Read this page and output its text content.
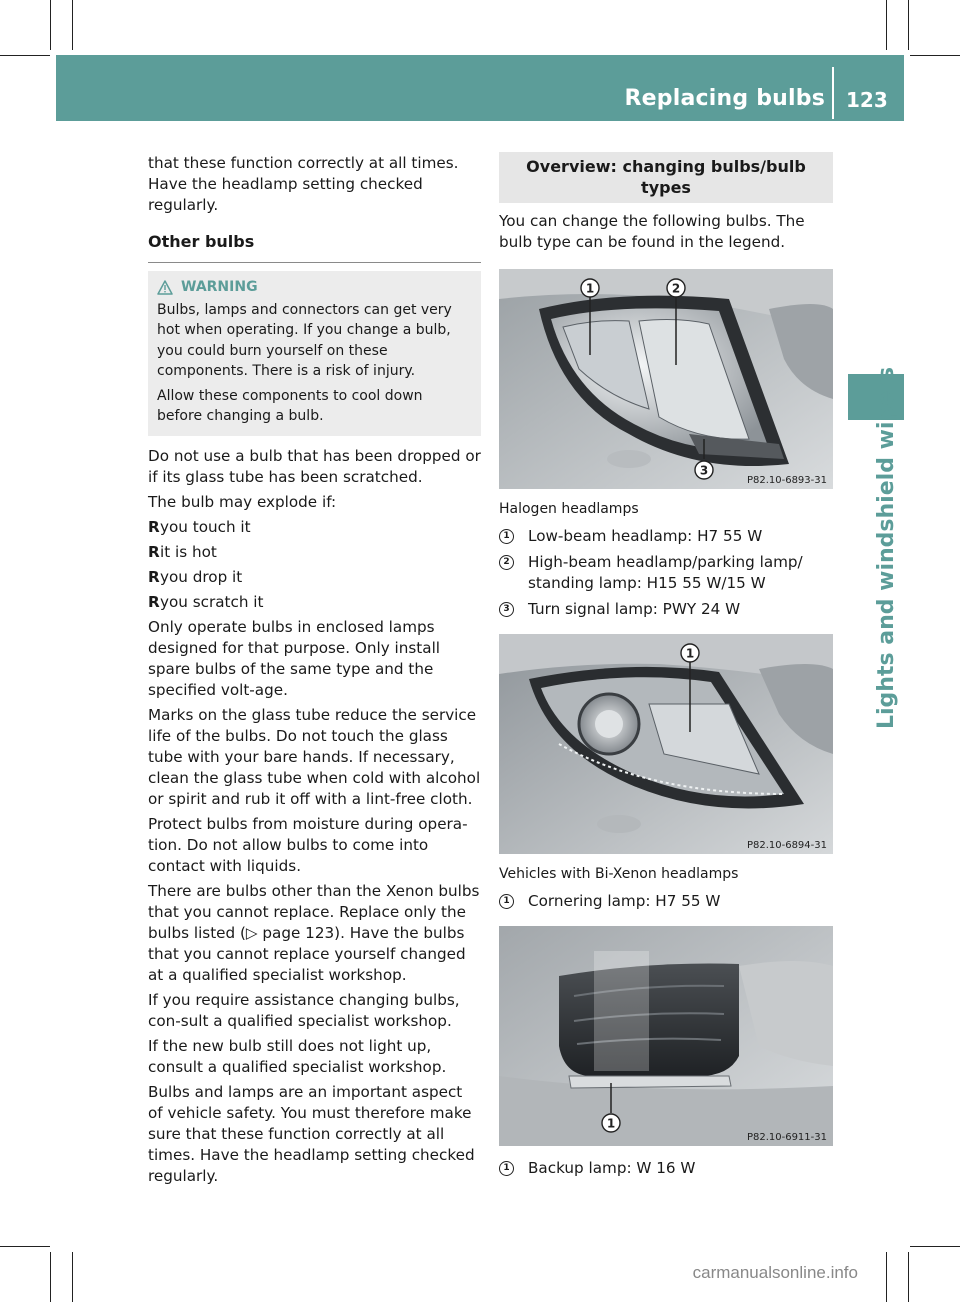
Replacing bulbs 123
Lights and windshield wipers

that these function correctly at all times.

Have the headlamp setting checked regularly.

Other bulbs
WARNING

Bulbs, lamps and connectors can get very hot when operating. If you change a bulb, you could burn yourself on these components. There is a risk of injury.

Allow these components to cool down before changing a bulb.

Do not use a bulb that has been dropped or if its glass tube has been scratched.

The bulb may explode if:

R you touch it
R it is hot
R you drop it
R you scratch it

Only operate bulbs in enclosed lamps designed for that purpose. Only install spare bulbs of the same type and the specified volt-age.

Marks on the glass tube reduce the service life of the bulbs. Do not touch the glass tube with your bare hands. If necessary, clean the glass tube when cold with alcohol or spirit and rub it off with a lint-free cloth.

Protect bulbs from moisture during opera-tion. Do not allow bulbs to come into contact with liquids.

There are bulbs other than the Xenon bulbs that you cannot replace. Replace only the bulbs listed (▷ page 123). Have the bulbs that you cannot replace yourself changed at a qualified specialist workshop.

If you require assistance changing bulbs, con-sult a qualified specialist workshop.

If the new bulb still does not light up, consult a qualified specialist workshop.

Bulbs and lamps are an important aspect of vehicle safety. You must therefore make sure that these function correctly at all times. Have the headlamp setting checked regularly.

Overview: changing bulbs/bulb types

You can change the following bulbs. The bulb type can be found in the legend.

1	2
3
P82.10-6893-31
Halogen headlamps
1 Low-beam headlamp: H7 55 W
2 High-beam headlamp/parking lamp/ standing lamp: H15 55 W/15 W
3 Turn signal lamp: PWY 24 W
1
P82.10-6894-31
Vehicles with Bi-Xenon headlamps
1 Cornering lamp: H7 55 W
1
P82.10-6911-31
1 Backup lamp: W 16 W
carmanualsonline.info
